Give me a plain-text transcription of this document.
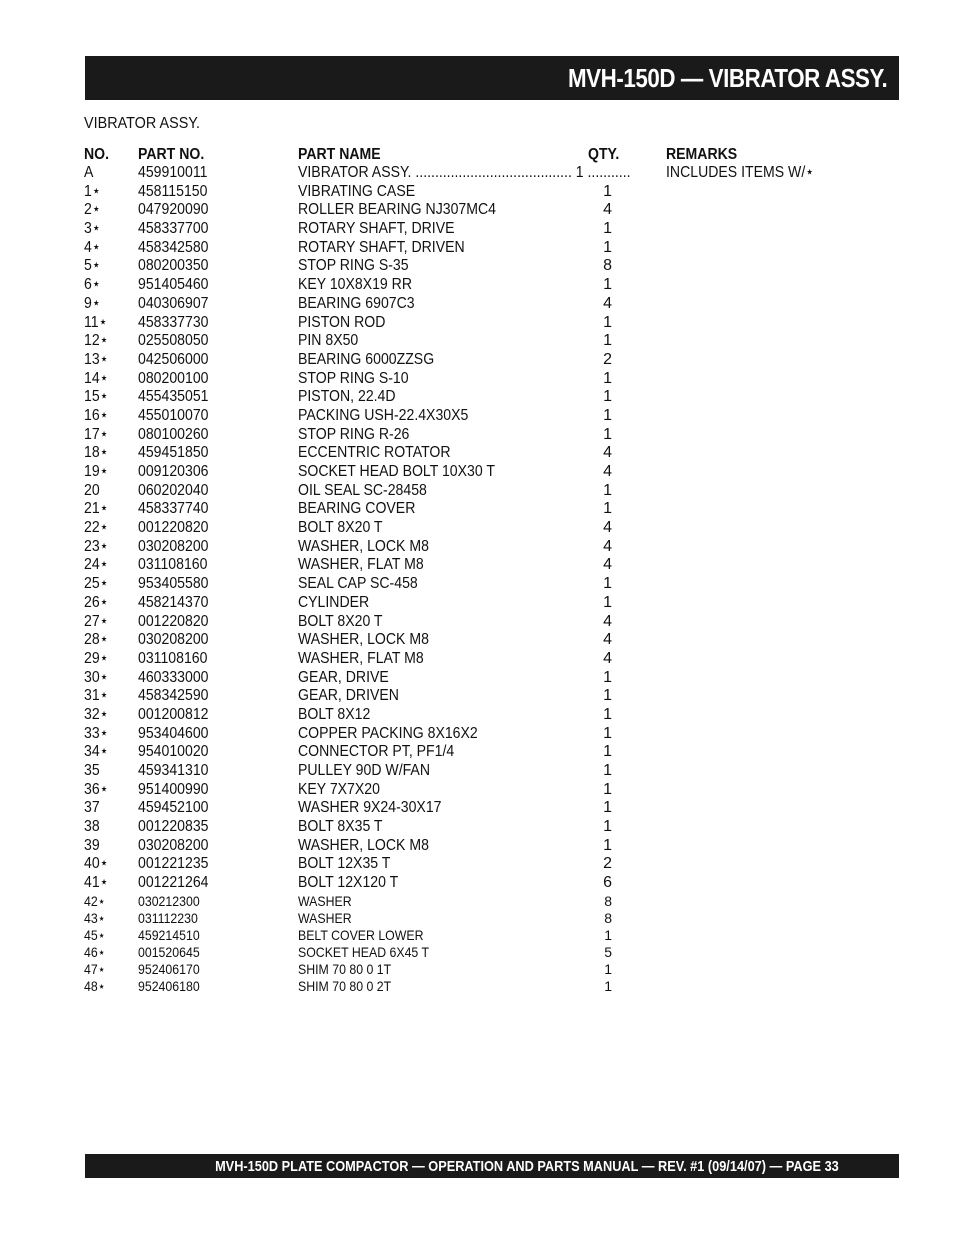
MVH-150D — VIBRATOR ASSY.
VIBRATOR ASSY.
NO. PART NO.	PART NAME	QTY.	REMARKS
A	459910011	VIBRATOR ASSY. ........................................ 1 ........... INCLUDES ITEMS W/⋆
1⋆ 458115150	VIBRATING CASE	1
2⋆ 047920090	ROLLER BEARING NJ307MC4	4
3⋆ 458337700	ROTARY SHAFT, DRIVE	1
4⋆ 458342580	ROTARY SHAFT, DRIVEN	1
5⋆ 080200350	STOP RING S-35	8
6⋆ 951405460	KEY 10X8X19 RR	1
9⋆ 040306907	BEARING 6907C3	4
11⋆ 458337730	PISTON ROD	1
12⋆ 025508050	PIN 8X50	1
13⋆ 042506000	BEARING 6000ZZSG	2
14⋆ 080200100	STOP RING S-10	1
15⋆ 455435051	PISTON, 22.4D	1
16⋆ 455010070	PACKING USH-22.4X30X5	1
17⋆ 080100260	STOP RING R-26	1
18⋆ 459451850	ECCENTRIC ROTATOR	4
19⋆ 009120306	SOCKET HEAD BOLT 10X30 T	4
20 060202040	OIL SEAL SC-28458	1
21⋆ 458337740	BEARING COVER	1
22⋆ 001220820	BOLT 8X20 T	4
23⋆ 030208200	WASHER, LOCK M8	4
24⋆ 031108160	WASHER, FLAT M8	4
25⋆ 953405580	SEAL CAP SC-458	1
26⋆ 458214370	CYLINDER	1
27⋆ 001220820	BOLT 8X20 T	4
28⋆ 030208200	WASHER, LOCK M8	4
29⋆ 031108160	WASHER, FLAT M8	4
30⋆ 460333000	GEAR, DRIVE	1
31⋆ 458342590	GEAR, DRIVEN	1
32⋆ 001200812	BOLT 8X12	1
33⋆ 953404600	COPPER PACKING 8X16X2	1
34⋆ 954010020	CONNECTOR PT, PF1/4	1
35 459341310	PULLEY 90D W/FAN	1
36⋆ 951400990	KEY 7X7X20	1
37 459452100	WASHER 9X24-30X17	1
38 001220835	BOLT 8X35 T	1
39 030208200	WASHER, LOCK M8	1
40⋆ 001221235	BOLT 12X35 T	2
41⋆ 001221264	BOLT 12X120 T	6
42⋆ 030212300	WASHER	8
43⋆ 031112230	WASHER	8
45⋆ 459214510	BELT COVER LOWER	1
46⋆ 001520645	SOCKET HEAD 6X45 T	5
47⋆ 952406170	SHIM 70 80 0 1T	1
48⋆ 952406180	SHIM 70 80 0 2T	1
MVH-150D PLATE COMPACTOR — OPERATION AND PARTS MANUAL — REV. #1 (09/14/07) — PAGE 33
